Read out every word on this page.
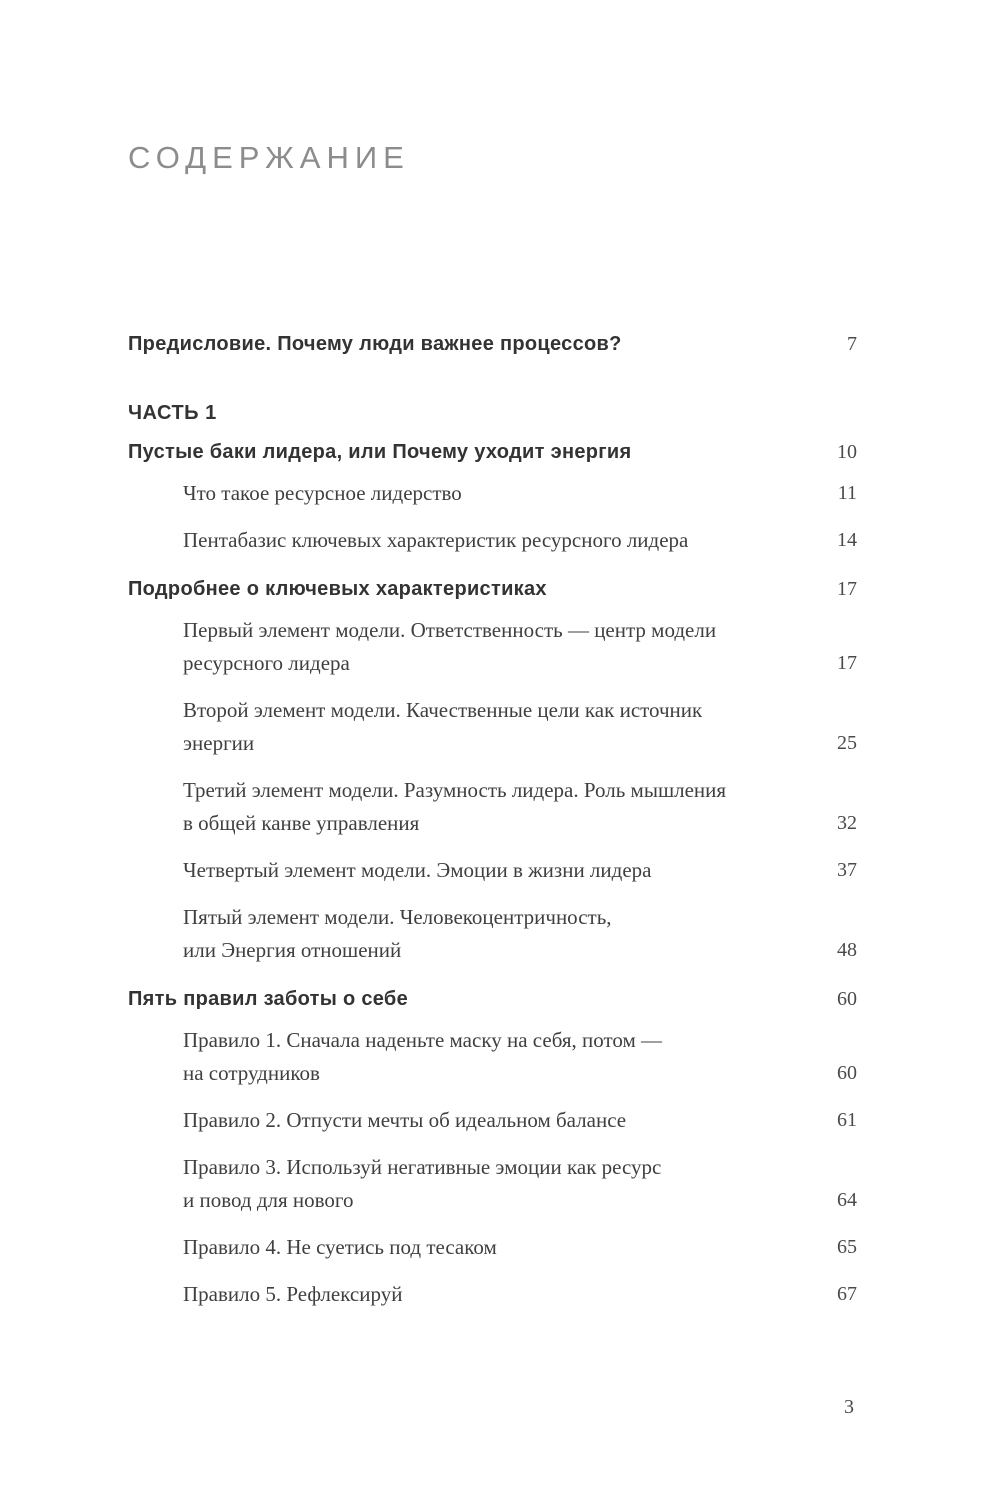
СОДЕРЖАНИЕ
Предисловие. Почему люди важнее процессов?	7
ЧАСТЬ 1
Пустые баки лидера, или Почему уходит энергия	10
Что такое ресурсное лидерство	11
Пентабазис ключевых характеристик ресурсного лидера	14
Подробнее о ключевых характеристиках	17
Первый элемент модели. Ответственность — центр модели
ресурсного лидера	17
Второй элемент модели. Качественные цели как источник
энергии	25
Третий элемент модели. Разумность лидера. Роль мышления
в общей канве управления	32
Четвертый элемент модели. Эмоции в жизни лидера	37
Пятый элемент модели. Человекоцентричность,
или Энергия отношений	48
Пять правил заботы о себе	60
Правило 1. Сначала наденьте маску на себя, потом —
на сотрудников	60
Правило 2. Отпусти мечты об идеальном балансе	61
Правило 3. Используй негативные эмоции как ресурс
и повод для нового	64
Правило 4. Не суетись под тесаком	65
Правило 5. Рефлексируй	67
3
